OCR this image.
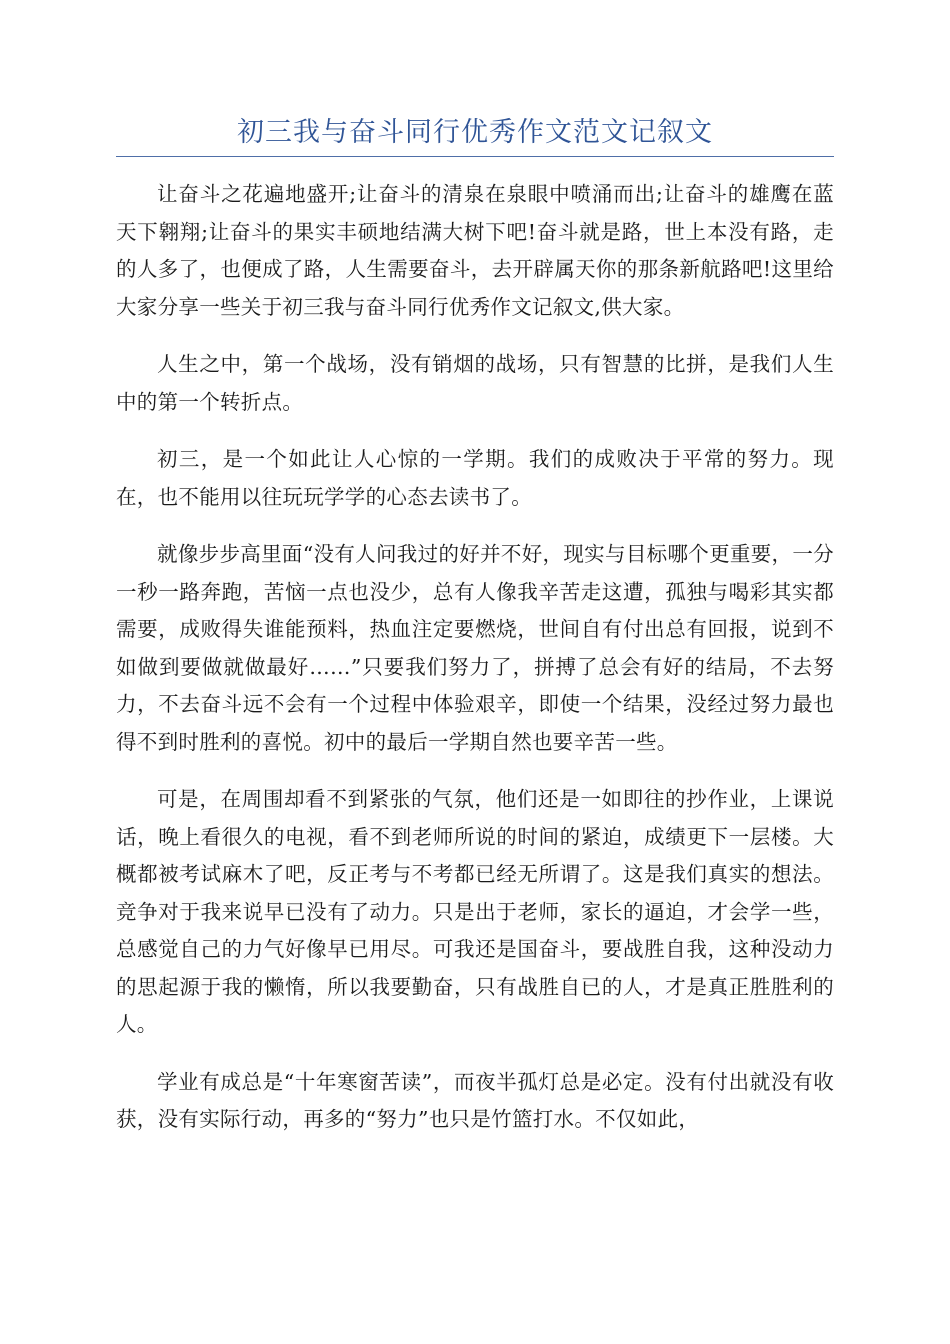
初三我与奋斗同行优秀作文范文记叙文

让奋斗之花遍地盛开;让奋斗的清泉在泉眼中喷涌而出;让奋斗的雄鹰在蓝天下翱翔;让奋斗的果实丰硕地结满大树下吧!奋斗就是路，世上本没有路，走的人多了，也便成了路，人生需要奋斗，去开辟属天你的那条新航路吧!这里给大家分享一些关于初三我与奋斗同行优秀作文记叙文,供大家。

人生之中，第一个战场，没有销烟的战场，只有智慧的比拼，是我们人生中的第一个转折点。

初三，是一个如此让人心惊的一学期。我们的成败决于平常的努力。现在，也不能用以往玩玩学学的心态去读书了。

就像步步高里面“没有人问我过的好并不好，现实与目标哪个更重要，一分一秒一路奔跑，苦恼一点也没少，总有人像我辛苦走这遭，孤独与喝彩其实都需要，成败得失谁能预料，热血注定要燃烧，世间自有付出总有回报，说到不如做到要做就做最好……”只要我们努力了，拼搏了总会有好的结局，不去努力，不去奋斗远不会有一个过程中体验艰辛，即使一个结果，没经过努力最也得不到时胜利的喜悦。初中的最后一学期自然也要辛苦一些。

可是，在周围却看不到紧张的气氛，他们还是一如即往的抄作业，上课说话，晚上看很久的电视，看不到老师所说的时间的紧迫，成绩更下一层楼。大概都被考试麻木了吧，反正考与不考都已经无所谓了。这是我们真实的想法。竞争对于我来说早已没有了动力。只是出于老师，家长的逼迫，才会学一些，总感觉自己的力气好像早已用尽。可我还是国奋斗，要战胜自我，这种没动力的思起源于我的懒惰，所以我要勤奋，只有战胜自已的人，才是真正胜胜利的人。

学业有成总是“十年寒窗苦读”，而夜半孤灯总是必定。没有付出就没有收获，没有实际行动，再多的“努力”也只是竹篮打水。不仅如此，
